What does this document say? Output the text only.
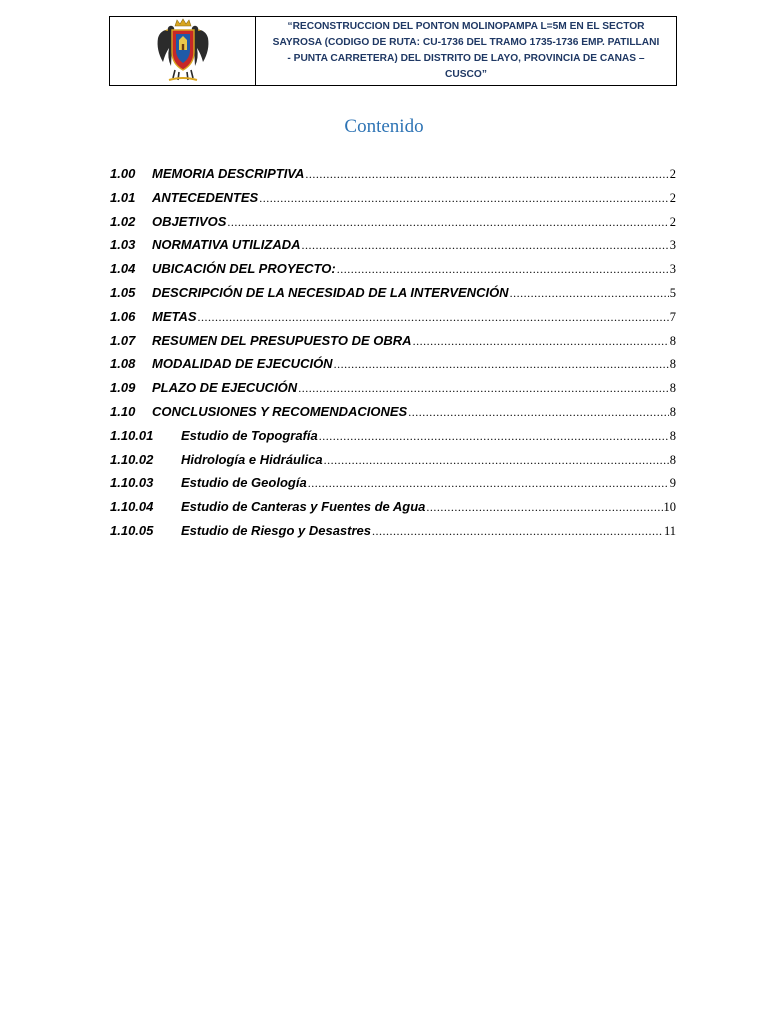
“RECONSTRUCCION DEL PONTON MOLINOPAMPA L=5M EN EL SECTOR SAYROSA (CODIGO DE RUTA: CU-1736 DEL TRAMO 1735-1736 EMP. PATILLANI - PUNTA CARRETERA) DEL DISTRITO DE LAYO, PROVINCIA DE CANAS – CUSCO”
Contenido
1.00	MEMORIA DESCRIPTIVA .....	2
1.01	ANTECEDENTES .....	2
1.02	OBJETIVOS .....	2
1.03	NORMATIVA UTILIZADA .....	3
1.04	UBICACIÓN DEL PROYECTO: .....	3
1.05	DESCRIPCIÓN DE LA NECESIDAD DE LA INTERVENCIÓN .....	5
1.06	METAS .....	7
1.07	RESUMEN DEL PRESUPUESTO DE OBRA .....	8
1.08	MODALIDAD DE EJECUCIÓN .....	8
1.09	PLAZO DE EJECUCIÓN .....	8
1.10	CONCLUSIONES Y RECOMENDACIONES .....	8
1.10.01	Estudio de Topografía .....	8
1.10.02	Hidrología e Hidráulica .....	8
1.10.03	Estudio de Geología .....	9
1.10.04	Estudio de Canteras y Fuentes de Agua .....	10
1.10.05	Estudio de Riesgo y Desastres .....	11
